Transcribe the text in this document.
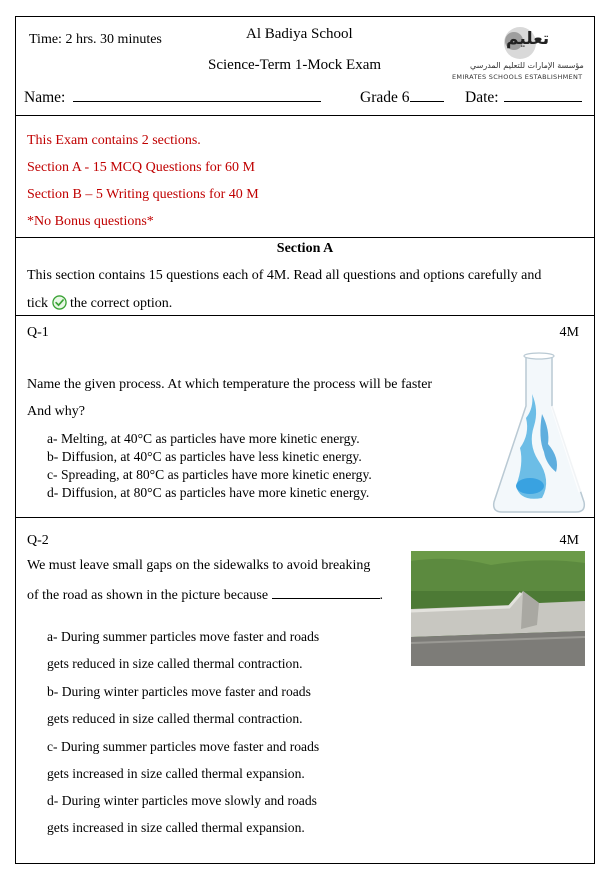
Time: 2 hrs. 30 minutes	Al Badiya School
Science-Term 1-Mock Exam
تعليم
مؤسسة الإمارات للتعليم المدرسي
EMIRATES SCHOOLS ESTABLISHMENT
Name:	Grade 6	Date:
This Exam contains 2 sections.
Section A - 15 MCQ Questions for 60 M
Section B – 5 Writing questions for 40 M
*No Bonus questions*
Section A
This section contains 15 questions each of 4M. Read all questions and options carefully and
tick the correct option.
Q-1	4M
Name the given process. At which temperature the process will be faster
And why?
a- Melting, at 40°C as particles have more kinetic energy.
b- Diffusion, at 40°C as particles have less kinetic energy.
c- Spreading, at 80°C as particles have more kinetic energy.
d- Diffusion, at 80°C as particles have more kinetic energy.
Q-2	4M
We must leave small gaps on the sidewalks to avoid breaking
of the road as shown in the picture because	.
a- During summer particles move faster and roads
gets reduced in size called thermal contraction.
b- During winter particles move faster and roads
gets reduced in size called thermal contraction.
c- During summer particles move faster and roads
gets increased in size called thermal expansion.
d- During winter particles move slowly and roads
gets increased in size called thermal expansion.
